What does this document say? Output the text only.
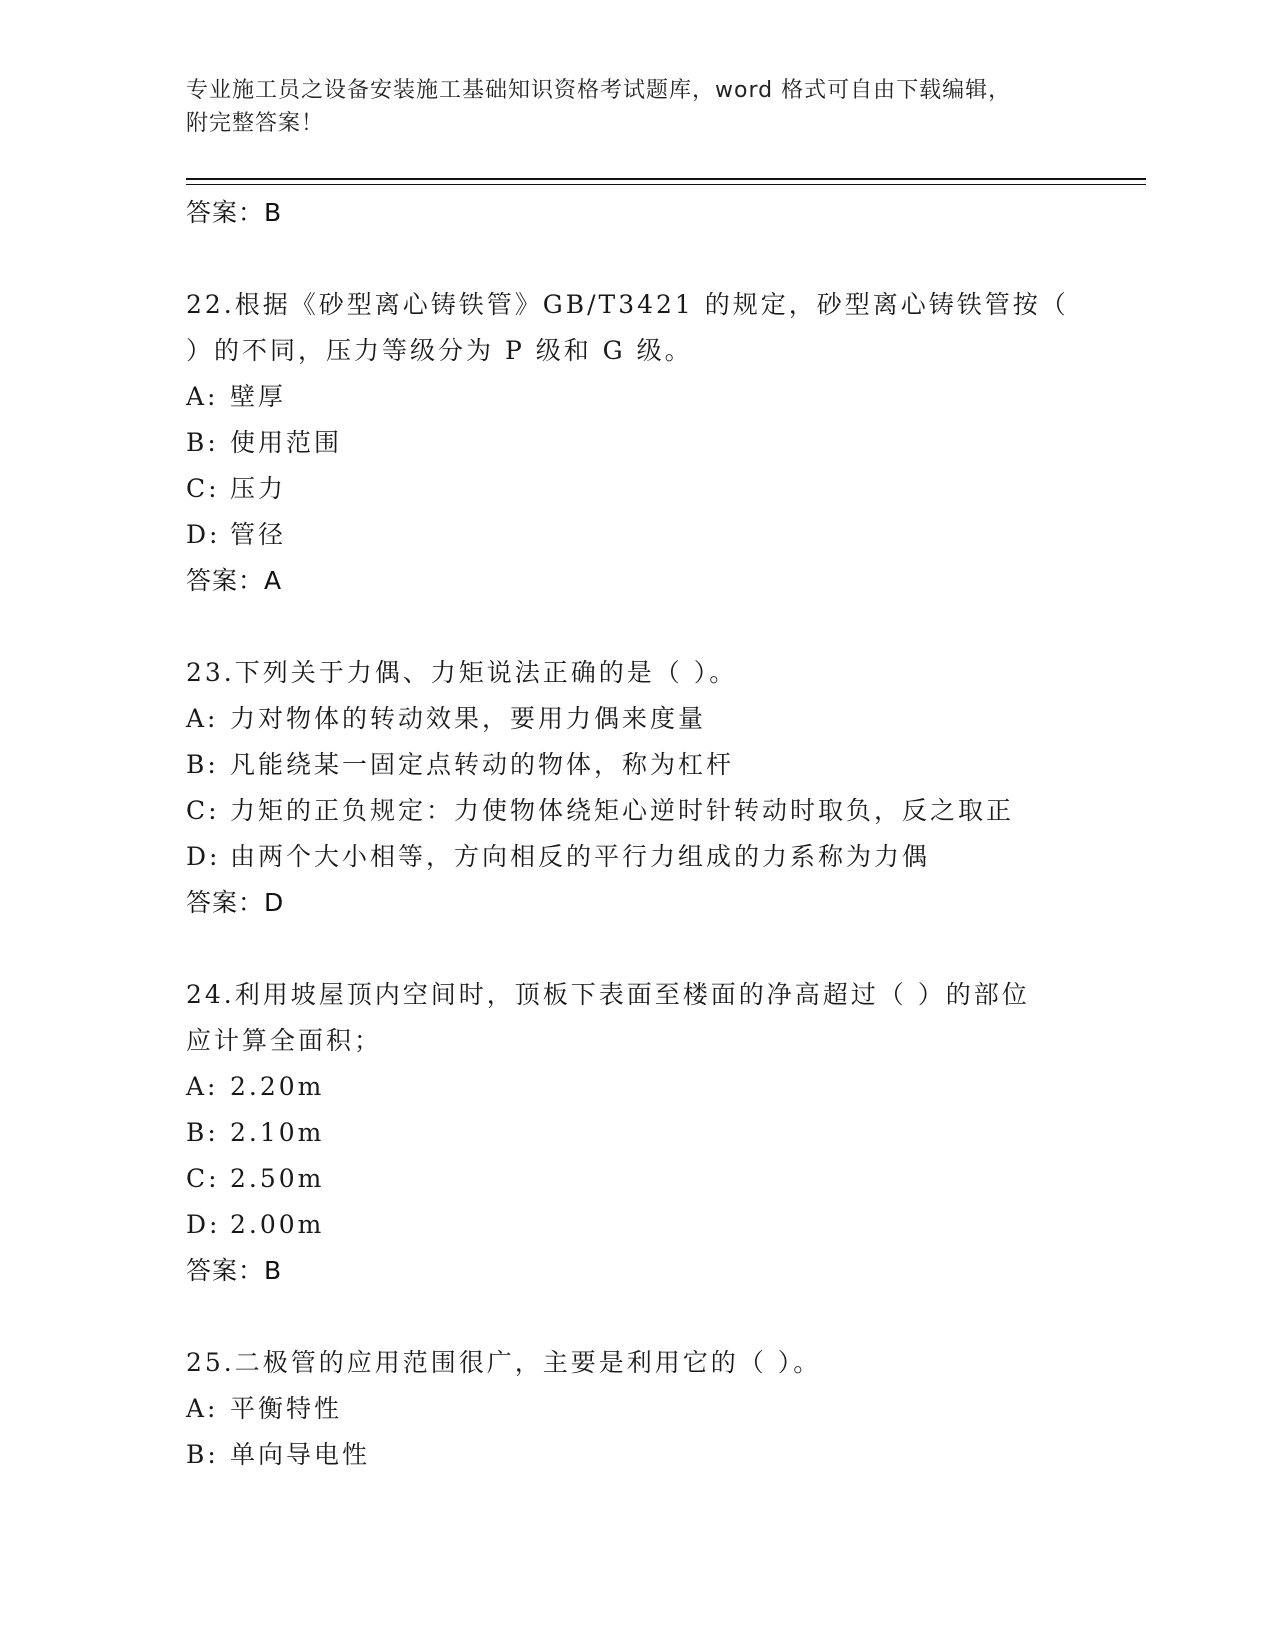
专业施工员之设备安装施工基础知识资格考试题库，word 格式可自由下载编辑，
附完整答案！
答案：B
22.根据《砂型离心铸铁管》GB/T3421 的规定，砂型离心铸铁管按（
）的不同，压力等级分为 P 级和 G 级。
A: 壁厚
B: 使用范围
C: 压力
D: 管径
答案：A
23.下列关于力偶、力矩说法正确的是（ ）。
A: 力对物体的转动效果，要用力偶来度量
B: 凡能绕某一固定点转动的物体，称为杠杆
C: 力矩的正负规定：力使物体绕矩心逆时针转动时取负，反之取正
D: 由两个大小相等，方向相反的平行力组成的力系称为力偶
答案：D
24.利用坡屋顶内空间时，顶板下表面至楼面的净高超过（ ）的部位
应计算全面积；
A: 2.20m
B: 2.10m
C: 2.50m
D: 2.00m
答案：B
25.二极管的应用范围很广，主要是利用它的（ ）。
A: 平衡特性
B: 单向导电性
